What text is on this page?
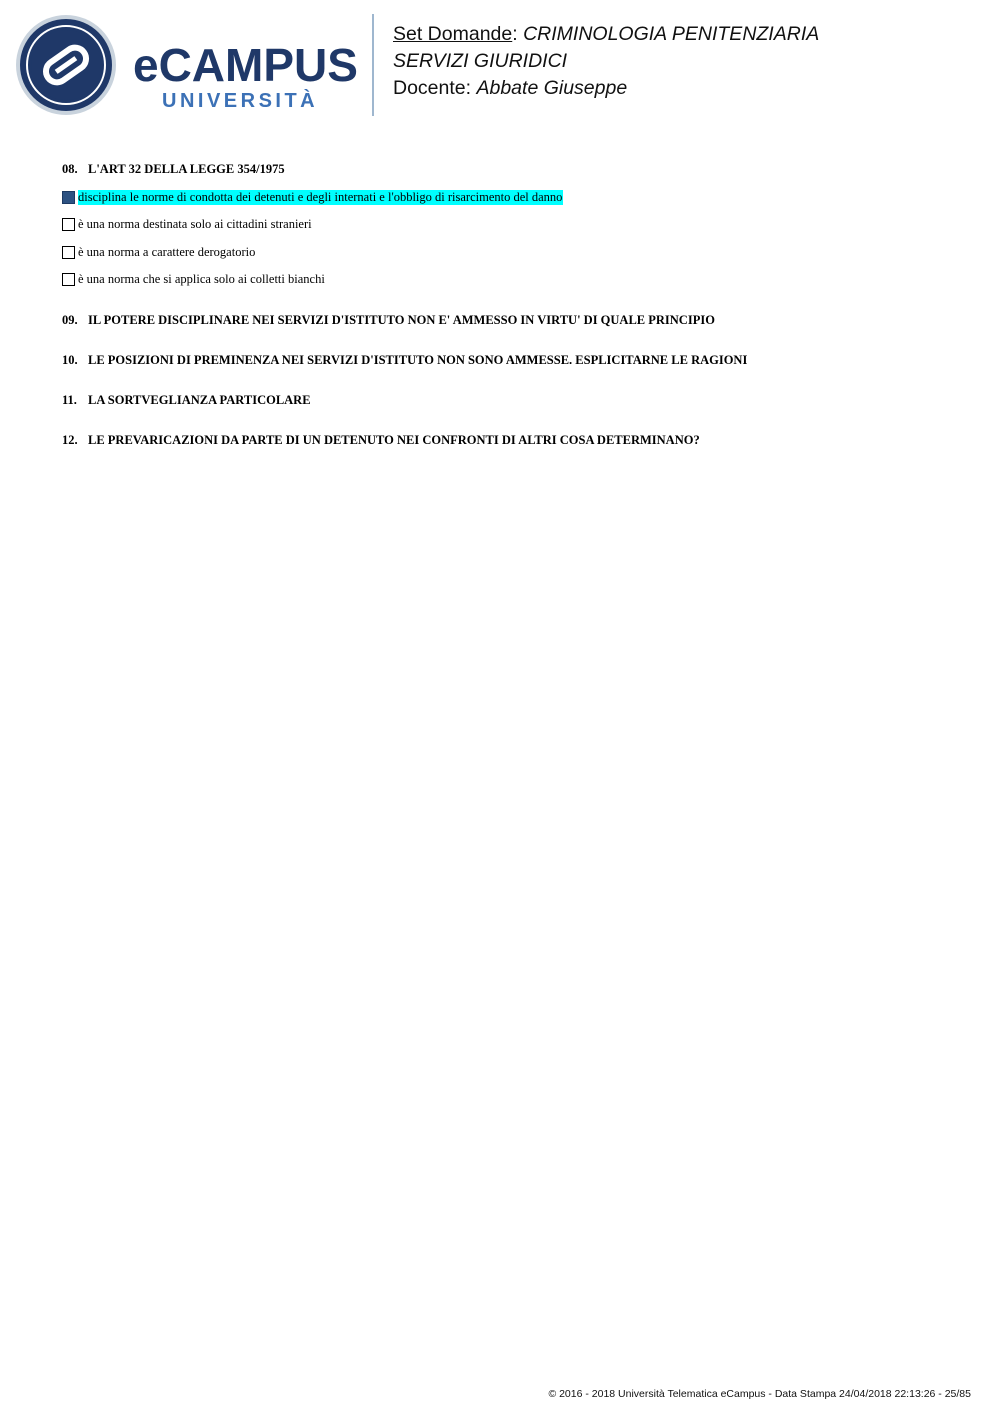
eCAMPUS
UNIVERSITÀ
Set Domande: CRIMINOLOGIA PENITENZIARIA
SERVIZI GIURIDICI
Docente: Abbate Giuseppe
08. L'ART 32 DELLA LEGGE 354/1975
disciplina le norme di condotta dei detenuti e degli internati e l'obbligo di risarcimento del danno
è una norma destinata solo ai cittadini stranieri
è una norma a carattere derogatorio
è una norma che si applica solo ai colletti bianchi
09. IL POTERE DISCIPLINARE NEI SERVIZI D'ISTITUTO NON E' AMMESSO IN VIRTU' DI QUALE PRINCIPIO
10. LE POSIZIONI DI PREMINENZA NEI SERVIZI D'ISTITUTO NON SONO AMMESSE. ESPLICITARNE LE RAGIONI
11. LA SORTVEGLIANZA PARTICOLARE
12. LE PREVARICAZIONI DA PARTE DI UN DETENUTO NEI CONFRONTI DI ALTRI COSA DETERMINANO?
© 2016 - 2018 Università Telematica eCampus - Data Stampa 24/04/2018 22:13:26 - 25/85
